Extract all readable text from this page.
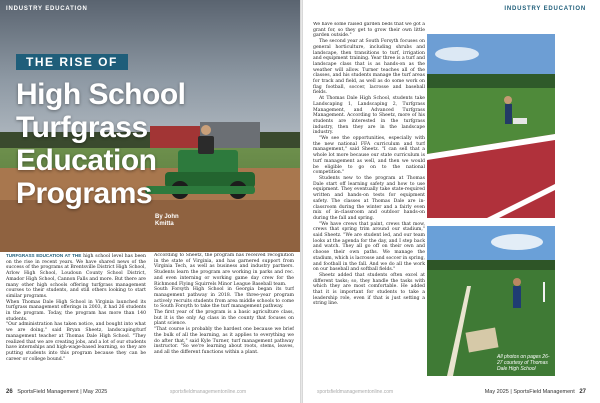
INDUSTRY EDUCATION
THE RISE OF
High School
Turfgrass
Education
Programs
By John
Kmitta

TURFGRASS EDUCATION AT THE high school level has been on the rise in recent years. We have shared news of the success of the programs at Brentsville District High School, Arlow High School, Loudoun County School District, Amador High School, Cannon Falls and more. But there are many other high schools offering turfgrass management courses to their students, and still others looking to start similar programs.

When Thomas Dale High School in Virginia launched its turfgrass management offerings in 2003, it had 26 students in the program. Today, the program has more than 140 students.

"Our administration has taken notice, and bought into what we are doing," said Bryan Sheetz, landscaping/turf management teacher at Thomas Dale High School. "They realized that we are creating jobs, and a lot of our students have internships and high-wage-based learning, so they are putting students into this program because they can be career or college bound."

According to Sheetz, the program has received recognition in the state of Virginia, and has garnered support from Virginia Tech, as well as business and industry partners. Students learn the program are working in parks and rec. and even interning or working game day crew for the Richmond Flying Squirrels Minor League Baseball team.

South Forsyth High School in Georgia began its turf management pathway in 2018. The three-year program actively recruits students from area middle schools to come to South Forsyth to take the turf management pathway.

The first year of the program is a basic agriculture class, but it is the only Ag class in the county that focuses on plant science.

"That course is probably the hardest one because we brief the bulk of all the learning, as it applies to everything we do after that," said Kyle Turner, turf management pathway instructor. "So we're learning about roots, stems, leaves, and all the different functions within a plant.

26 SportsField Management | May 2025	sportsfieldmanagementonline.com
INDUSTRY EDUCATION

We have some raised garden beds that we got a grant for, so they get to grow their own little garden outside."

The second year at South Forsyth focuses on general horticulture, including shrubs and landscape, then transitions to turf, irrigation and equipment training. Year three is a turf and landscape class that is as hands-on as the weather will allow. Turner teaches all of the classes, and his students manage the turf areas for track and field, as well as do some work on flag football, soccer, lacrosse and baseball fields.

At Thomas Dale High School, students take Landscaping 1, Landscaping 2, Turfgrass Management, and Advanced Turfgrass Management. According to Sheetz, more of his students are interested in the turfgrass industry, then they are in the landscape industry.

"We see the opportunities, especially with the new national FFA curriculum and turf management," said Sheetz. "I can sell that a whole lot more because our state curriculum is turf management as well, and then we would be eligible to go on to the national competition."

Students new to the program at Thomas Dale start off learning safety and how to use equipment. They eventually take state-required written and hands-on tests for equipment safety. The classes at Thomas Dale are in-classroom during the winter and a fairly even mix of in-classroom and outdoor hands-on during the fall and spring.

"We have crews that paint, crews that mow, crews that spring trim around our stadium," said Sheetz. "We are student led, and our team looks at the agenda for the day, and I step back and watch. They all go off on their own and choose their own paths. We manage the stadium, which is lacrosse and soccer in spring, and football in the fall. And we do all the work on our baseball and softball fields."

Sheetz added that students often excel at different tasks; so, they handle the tasks with which they are most comfortable. He added that it is important for students to take a leadership role, even if that is just setting a string line.

All photos on pages 26-27 courtesy of Thomas Dale High School
sportsfieldmanagementonline.com	May 2025 | SportsField Management 27
